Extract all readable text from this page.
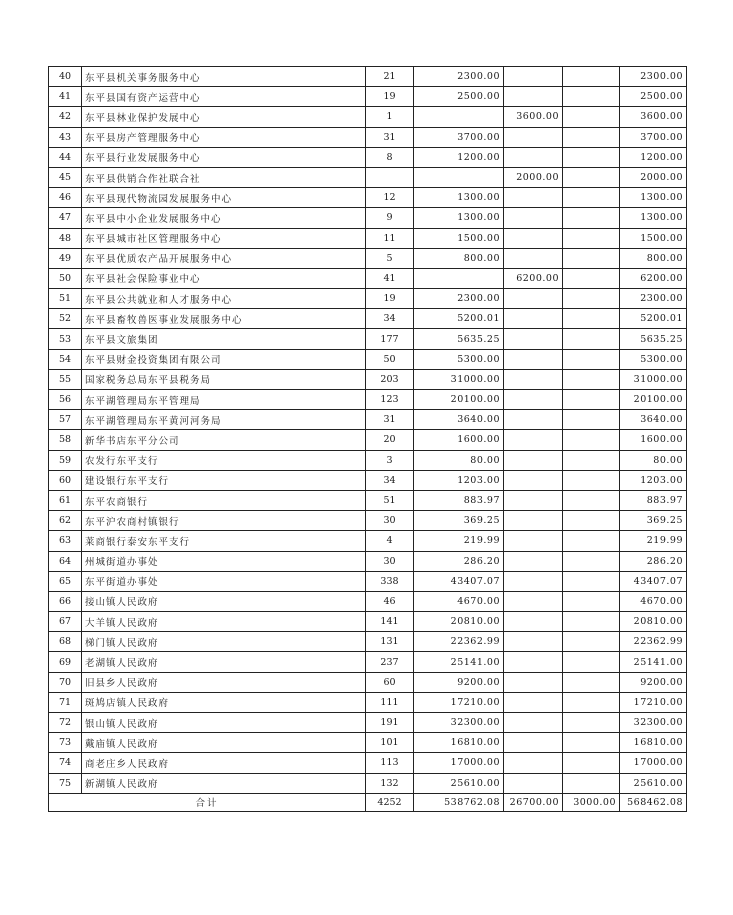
40	东平县机关事务服务中心	21	2300.00			2300.00
41	东平县国有资产运营中心	19	2500.00			2500.00
42	东平县林业保护发展中心	1		3600.00		3600.00
43	东平县房产管理服务中心	31	3700.00			3700.00
44	东平县行业发展服务中心	8	1200.00			1200.00
45	东平县供销合作社联合社			2000.00		2000.00
46	东平县现代物流园发展服务中心	12	1300.00			1300.00
47	东平县中小企业发展服务中心	9	1300.00			1300.00
48	东平县城市社区管理服务中心	11	1500.00			1500.00
49	东平县优质农产品开展服务中心	5	800.00			800.00
50	东平县社会保险事业中心	41		6200.00		6200.00
51	东平县公共就业和人才服务中心	19	2300.00			2300.00
52	东平县畜牧兽医事业发展服务中心	34	5200.01			5200.01
53	东平县文旅集团	177	5635.25			5635.25
54	东平县财金投资集团有限公司	50	5300.00			5300.00
55	国家税务总局东平县税务局	203	31000.00			31000.00
56	东平湖管理局东平管理局	123	20100.00			20100.00
57	东平湖管理局东平黄河河务局	31	3640.00			3640.00
58	新华书店东平分公司	20	1600.00			1600.00
59	农发行东平支行	3	80.00			80.00
60	建设银行东平支行	34	1203.00			1203.00
61	东平农商银行	51	883.97			883.97
62	东平沪农商村镇银行	30	369.25			369.25
63	莱商银行泰安东平支行	4	219.99			219.99
64	州城街道办事处	30	286.20			286.20
65	东平街道办事处	338	43407.07			43407.07
66	接山镇人民政府	46	4670.00			4670.00
67	大羊镇人民政府	141	20810.00			20810.00
68	梯门镇人民政府	131	22362.99			22362.99
69	老湖镇人民政府	237	25141.00			25141.00
70	旧县乡人民政府	60	9200.00			9200.00
71	斑鸠店镇人民政府	111	17210.00			17210.00
72	银山镇人民政府	191	32300.00			32300.00
73	戴庙镇人民政府	101	16810.00			16810.00
74	商老庄乡人民政府	113	17000.00			17000.00
75	新湖镇人民政府	132	25610.00			25610.00
合计		4252	538762.08	26700.00	3000.00	568462.08
